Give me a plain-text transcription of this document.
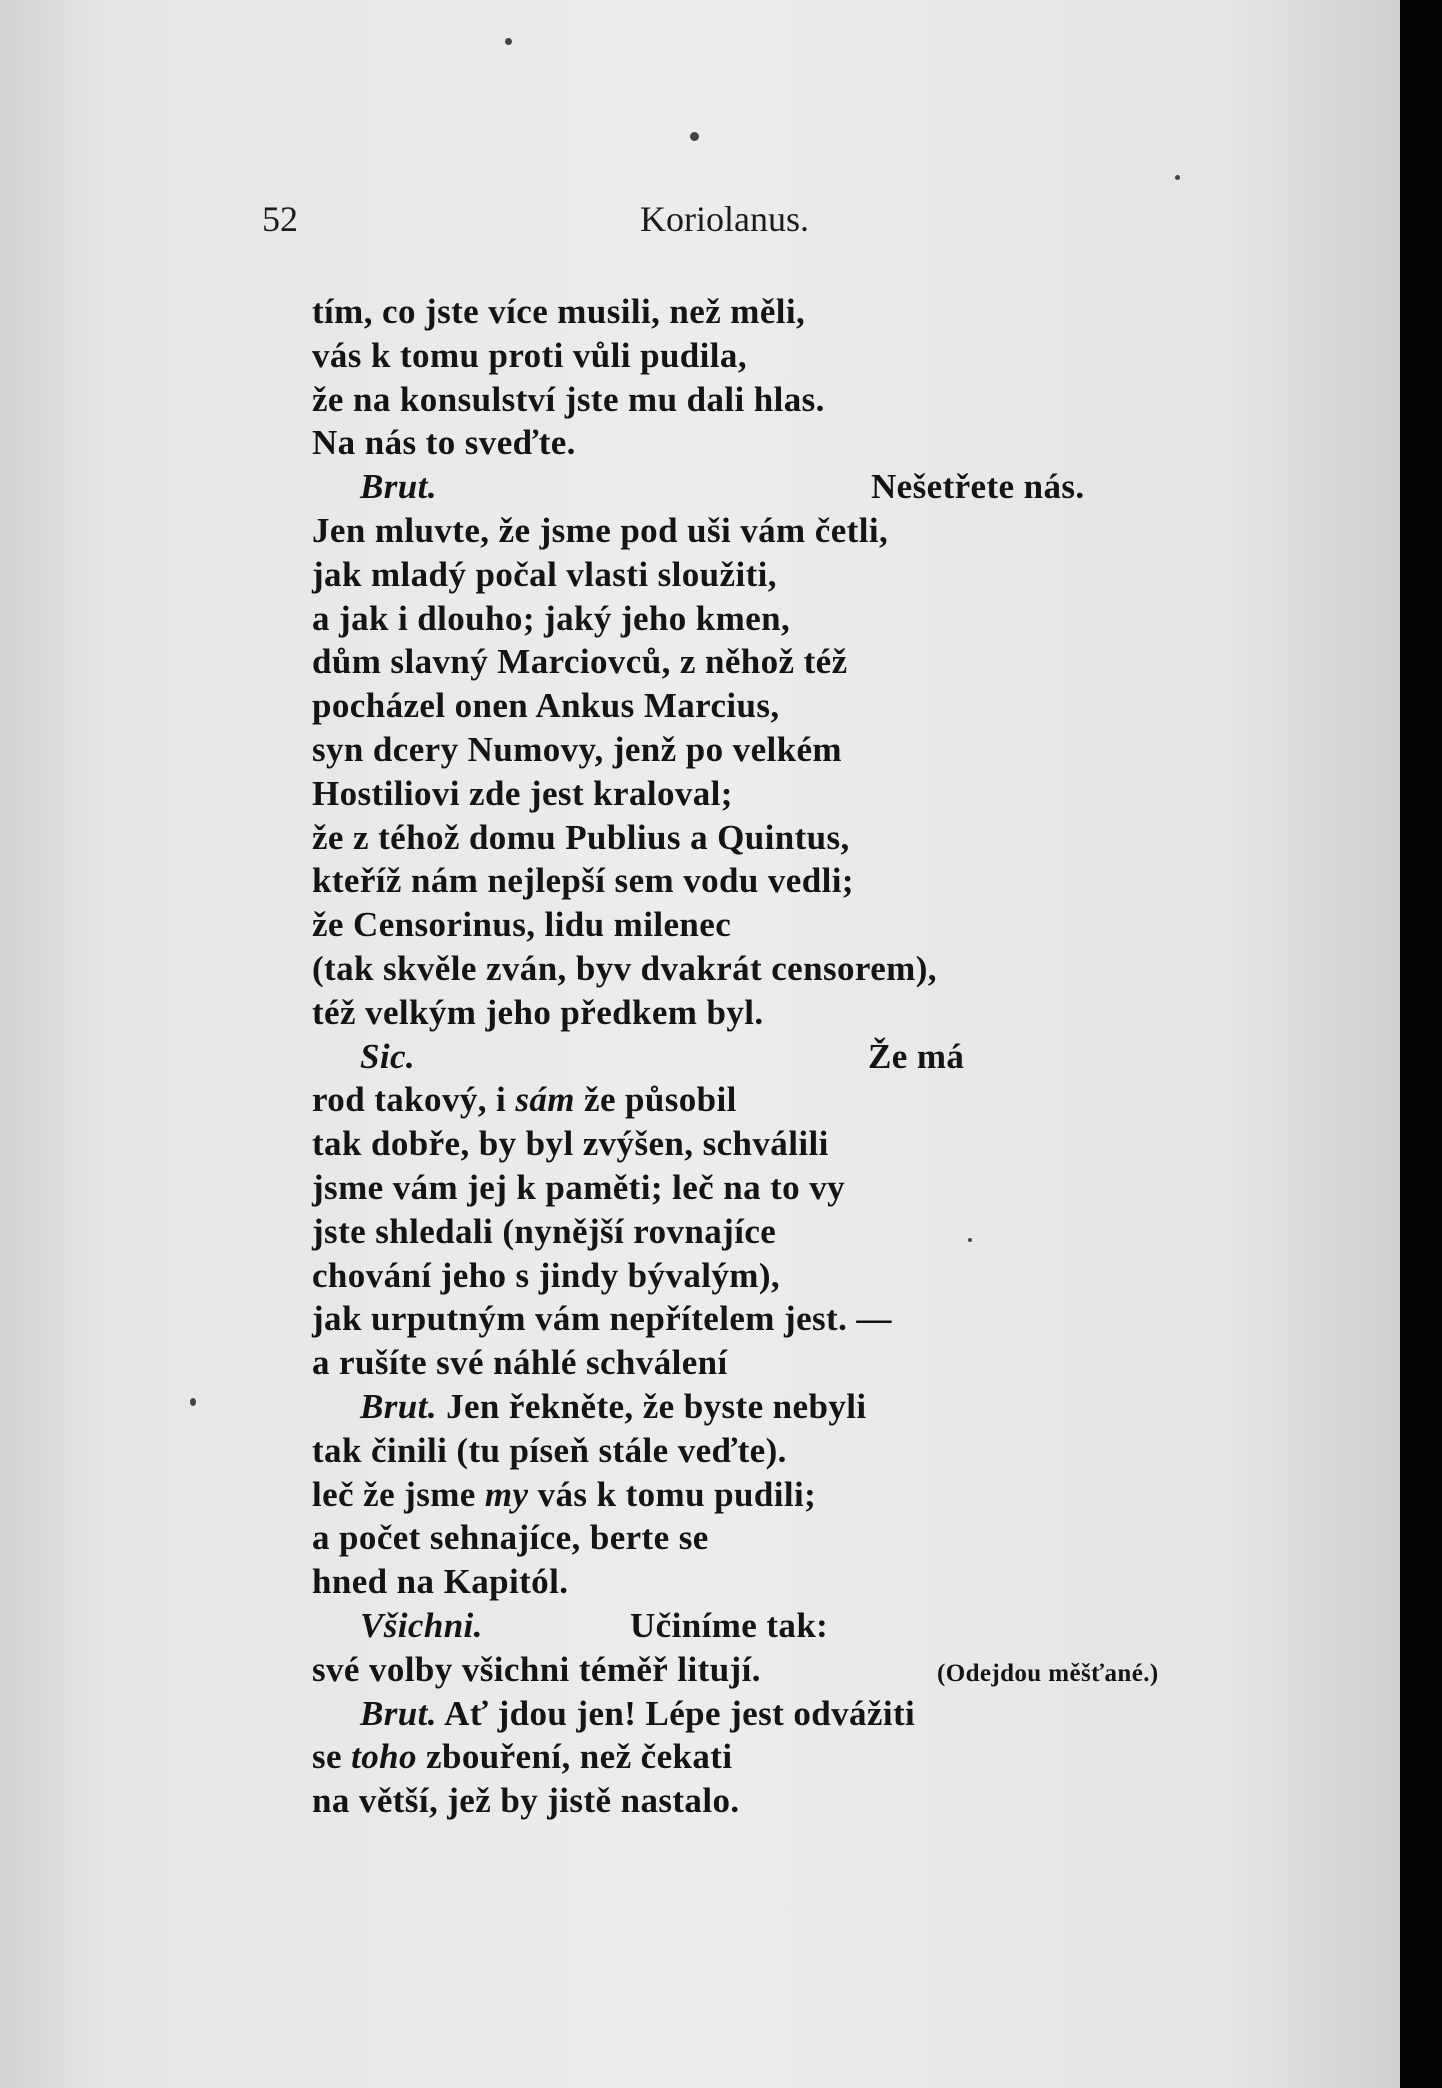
52	Koriolanus.
tím, co jste více musili, než měli,
vás k tomu proti vůli pudila,
že na konsulství jste mu dali hlas.
Na nás to sveďte.
Brut.	Nešetřete nás.
Jen mluvte, že jsme pod uši vám četli,
jak mladý počal vlasti sloužiti,
a jak i dlouho; jaký jeho kmen,
dům slavný Marciovců, z něhož též
pocházel onen Ankus Marcius,
syn dcery Numovy, jenž po velkém
Hostiliovi zde jest kraloval;
že z téhož domu Publius a Quintus,
kteříž nám nejlepší sem vodu vedli;
že Censorinus, lidu milenec
(tak skvěle zván, byv dvakrát censorem),
též velkým jeho předkem byl.
Sic.	Že má
rod takový, i sám že působil
tak dobře, by byl zvýšen, schválili
jsme vám jej k paměti; leč na to vy
jste shledali (nynější rovnajíce
chování jeho s jindy bývalým),
jak urputným vám nepřítelem jest. —
a rušíte své náhlé schválení
Brut. Jen řekněte, že byste nebyli
tak činili (tu píseň stále veďte).
leč že jsme my vás k tomu pudili;
a počet sehnajíce, berte se
hned na Kapitól.
Všichni.	Učiníme tak:
své volby všichni téměř litují.	(Odejdou měšťané.)
Brut. Ať jdou jen! Lépe jest odvážiti
se toho zbouření, než čekati
na větší, jež by jistě nastalo.
